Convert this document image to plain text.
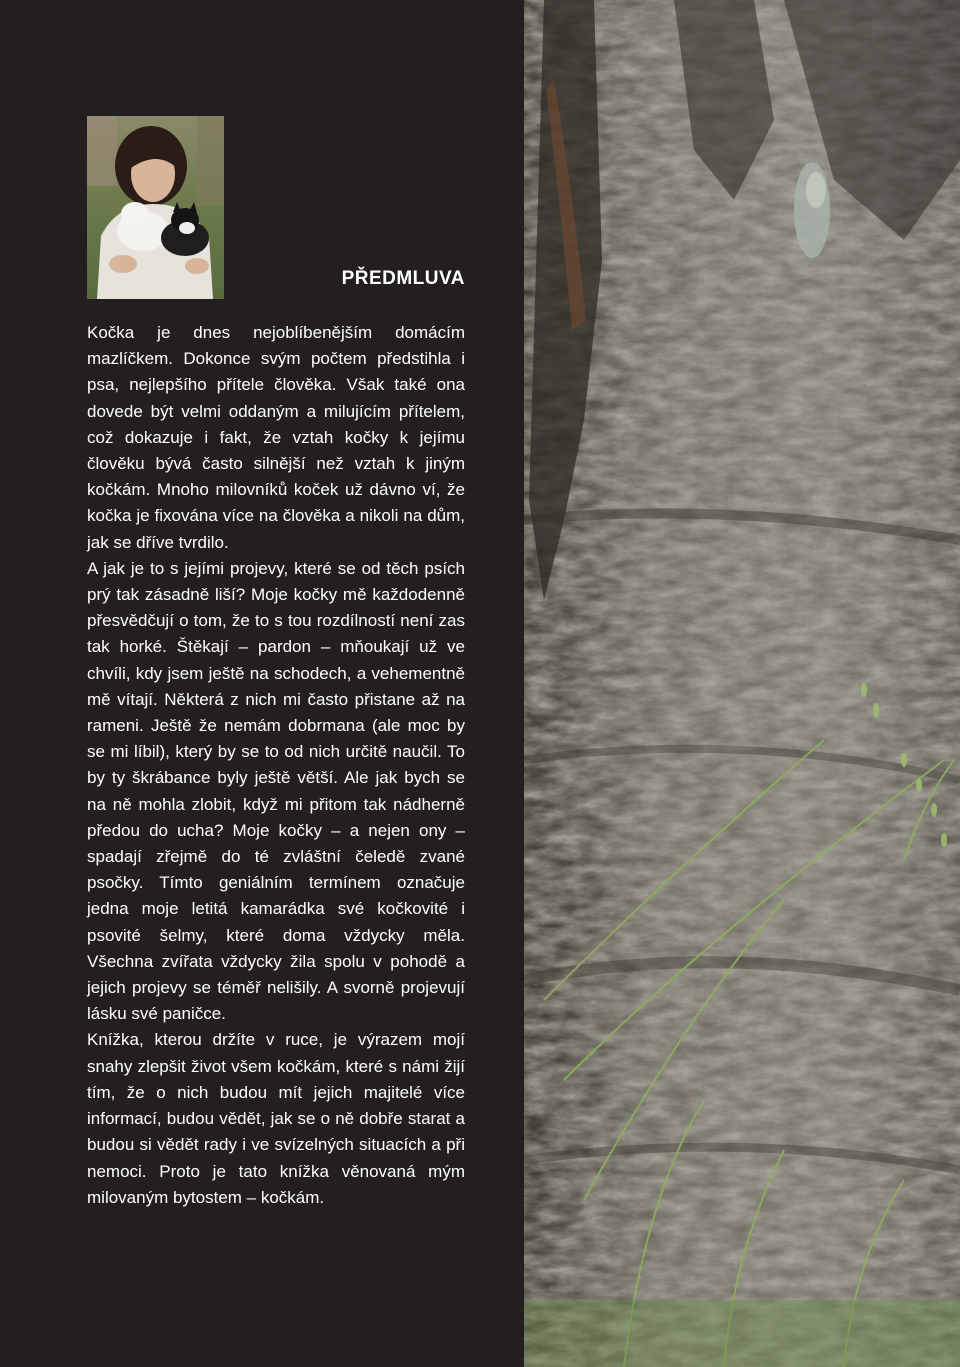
PŘEDMLUVA

Kočka je dnes nejoblíbenějším domácím mazlíčkem. Dokonce svým počtem předstihla i psa, nejlepšího přítele člověka. Však také ona dovede být velmi oddaným a milujícím přítelem, což dokazuje i fakt, že vztah kočky k jejímu člověku bývá často silnější než vztah k jiným kočkám. Mnoho milovníků koček už dávno ví, že kočka je fixována více na člověka a nikoli na dům, jak se dříve tvrdilo.

A jak je to s jejími projevy, které se od těch psích prý tak zásadně liší? Moje kočky mě každodenně přesvědčují o tom, že to s tou rozdílností není zas tak horké. Štěkají – pardon – mňoukají už ve chvíli, kdy jsem ještě na schodech, a vehementně mě vítají. Některá z nich mi často přistane až na rameni. Ještě že nemám dobrmana (ale moc by se mi líbil), který by se to od nich určitě naučil. To by ty škrábance byly ještě větší. Ale jak bych se na ně mohla zlobit, když mi přitom tak nádherně předou do ucha? Moje kočky – a nejen ony – spadají zřejmě do té zvláštní čeledě zvané psočky. Tímto geniálním termínem označuje jedna moje letitá kamarádka své kočkovité i psovité šelmy, které doma vždycky měla. Všechna zvířata vždycky žila spolu v pohodě a jejich projevy se téměř nelišily. A svorně projevují lásku své paničce.

Knížka, kterou držíte v ruce, je výrazem mojí snahy zlepšit život všem kočkám, které s námi žijí tím, že o nich budou mít jejich majitelé více informací, budou vědět, jak se o ně dobře starat a budou si vědět rady i ve svízelných situacích a při nemoci. Proto je tato knížka věnovaná mým milovaným bytostem – kočkám.
